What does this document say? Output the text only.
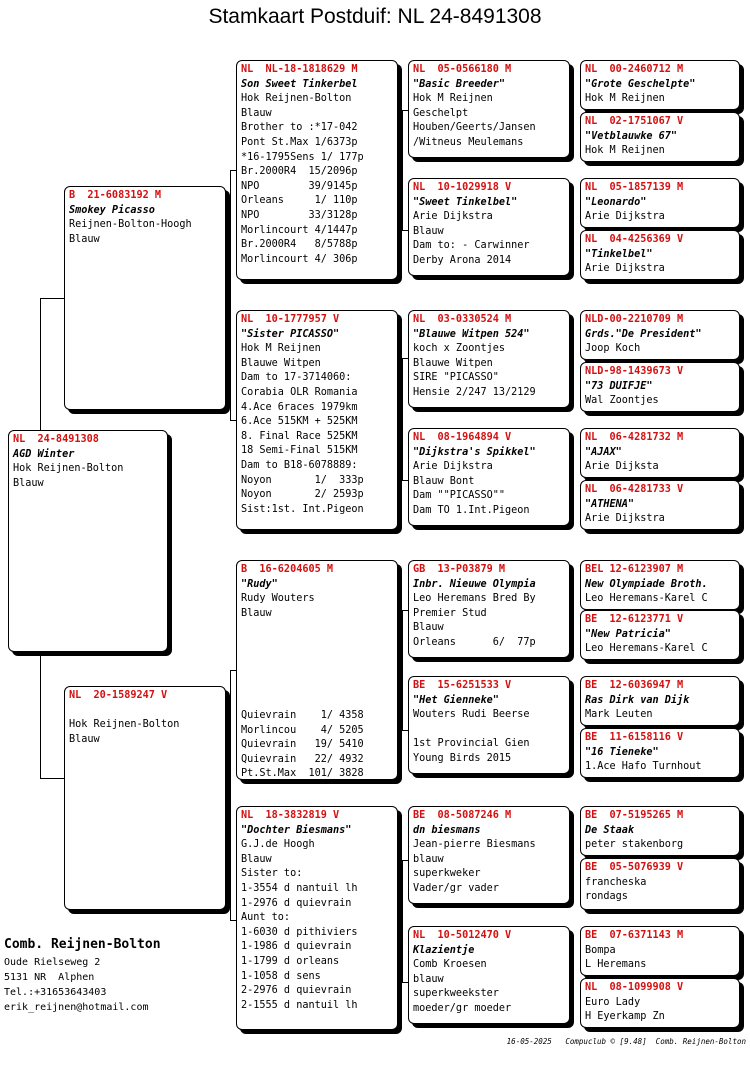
Stamkaart Postduif: NL 24-8491308
NL  24-8491308
AGD Winter
Hok Reijnen-Bolton
Blauw
B  21-6083192 M
Smokey Picasso
Reijnen-Bolton-Hoogh
Blauw
NL  20-1589247 V

Hok Reijnen-Bolton
Blauw
NL  NL-18-1818629 M
Son Sweet Tinkerbel
Hok Reijnen-Bolton
Blauw
Brother to :*17-042
Pont St.Max 1/6373p
*16-1795Sens 1/ 177p
Br.2000R4  15/2096p
NPO        39/9145p
Orleans     1/ 110p
NPO        33/3128p
Morlincourt 4/1447p
Br.2000R4   8/5788p
Morlincourt 4/ 306p
NL  10-1777957 V
"Sister PICASSO"
Hok M Reijnen
Blauwe Witpen
Dam to 17-3714060:
Corabia OLR Romania
4.Ace 6races 1979km
6.Ace 515KM + 525KM
8. Final Race 525KM
18 Semi-Final 515KM
Dam to B18-6078889:
Noyon       1/  333p
Noyon       2/ 2593p
Sist:1st. Int.Pigeon
B  16-6204605 M
"Rudy"
Rudy Wouters
Blauw

Quievrain    1/ 4358
Morlincou    4/ 5205
Quievrain   19/ 5410
Quievrain   22/ 4932
Pt.St.Max  101/ 3828
NL  18-3832819 V
"Dochter Biesmans"
G.J.de Hoogh
Blauw
Sister to:
1-3554 d nantuil lh
1-2976 d quievrain
Aunt to:
1-6030 d pithiviers
1-1986 d quievrain
1-1799 d orleans
1-1058 d sens
2-2976 d quievrain
2-1555 d nantuil lh
NL  05-0566180 M
"Basic Breeder"
Hok M Reijnen
Geschelpt
Houben/Geerts/Jansen
/Witneus Meulemans
NL  10-1029918 V
"Sweet Tinkelbel"
Arie Dijkstra
Blauw
Dam to: - Carwinner
Derby Arona 2014
NL  03-0330524 M
"Blauwe Witpen 524"
koch x Zoontjes
Blauwe Witpen
SIRE "PICASSO"
Hensie 2/247 13/2129
NL  08-1964894 V
"Dijkstra's Spikkel"
Arie Dijkstra
Blauw Bont
Dam ""PICASSO""
Dam TO 1.Int.Pigeon
GB  13-P03879 M
Inbr. Nieuwe Olympia
Leo Heremans Bred By
Premier Stud
Blauw
Orleans      6/  77p
BE  15-6251533 V
"Het Gienneke"
Wouters Rudi Beerse

1st Provincial Gien
Young Birds 2015
BE  08-5087246 M
dn biesmans
Jean-pierre Biesmans
blauw
superkweker
Vader/gr vader
NL  10-5012470 V
Klazientje
Comb Kroesen
blauw
superkweekster
moeder/gr moeder
NL  00-2460712 M
"Grote Geschelpte"
Hok M Reijnen
NL  02-1751067 V
"Vetblauwke 67"
Hok M Reijnen
NL  05-1857139 M
"Leonardo"
Arie Dijkstra
NL  04-4256369 V
"Tinkelbel"
Arie Dijkstra
NLD-00-2210709 M
Grds."De President"
Joop Koch
NLD-98-1439673 V
"73 DUIFJE"
Wal Zoontjes
NL  06-4281732 M
"AJAX"
Arie Dijksta
NL  06-4281733 V
"ATHENA"
Arie Dijkstra
BEL 12-6123907 M
New Olympiade Broth.
Leo Heremans-Karel C
BE  12-6123771 V
"New Patricia"
Leo Heremans-Karel C
BE  12-6036947 M
Ras Dirk van Dijk
Mark Leuten
BE  11-6158116 V
"16 Tieneke"
1.Ace Hafo Turnhout
BE  07-5195265 M
De Staak
peter stakenborg
BE  05-5076939 V
francheska
rondags
BE  07-6371143 M
Bompa
L Heremans
NL  08-1099908 V
Euro Lady
H Eyerkamp Zn
Comb. Reijnen-Bolton
Oude Rielseweg 2
5131 NR  Alphen
Tel.:+31653643403
erik_reijnen@hotmail.com
16-05-2025   Compuclub © [9.48]  Comb. Reijnen-Bolton
